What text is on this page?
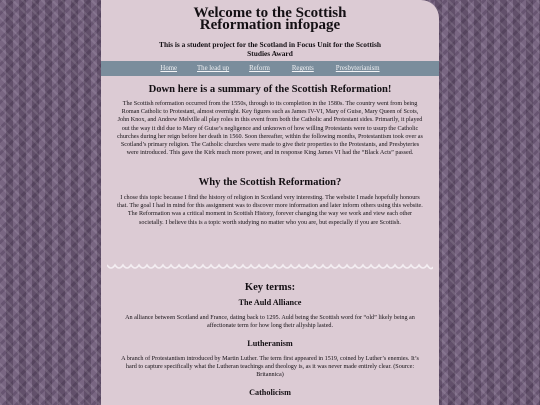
Welcome to the Scottish Reformation infopage
This is a student project for the Scotland in Focus Unit for the Scottish Studies Award
Home	The lead up	Reform	Regents	Presbyterianism
Down here is a summary of the Scottish Reformation!

The Scottish reformation occurred from the 1550s, through to its completion in the 1580s. The country went from being Roman Catholic to Protestant, almost overnight. Key figures such as James IV-VI, Mary of Guise, Mary Queen of Scots, John Knox, and Andrew Melville all play roles in this event from both the Catholic and Protestant sides. Primarily, it played out the way it did due to Mary of Guise’s negligence and unknown of how willing Protestants were to usurp the Catholic churches during her reign before her death in 1560. Soon thereafter, within the following months, Protestantism took over as Scotland’s primary religion. The Catholic churches were made to give their properties to the Protestants, and Presbyteries were introduced. This gave the Kirk much more power, and in response King James VI had the “Black Acts” passed.

Why the Scottish Reformation?

I chose this topic because I find the history of religion in Scotland very interesting. The website I made hopefully honours that. The goal I had in mind for this assignment was to discover more information and later inform others using this website. The Reformation was a critical moment in Scottish History, forever changing the way we work and view each other societally. I believe this is a topic worth studying no matter who you are, but especially if you are Scottish.

Key terms:
The Auld Alliance

An alliance between Scotland and France, dating back to 1295. Auld being the Scottish word for “old” likely being an affectionate term for how long their allyship lasted.

Lutheranism

A branch of Protestantism introduced by Martin Luther. The term first appeared in 1519, coined by Luther’s enemies. It’s hard to capture specifically what the Lutheran teachings and theology is, as it was never made entirely clear. (Source: Britannica)

Catholicism
